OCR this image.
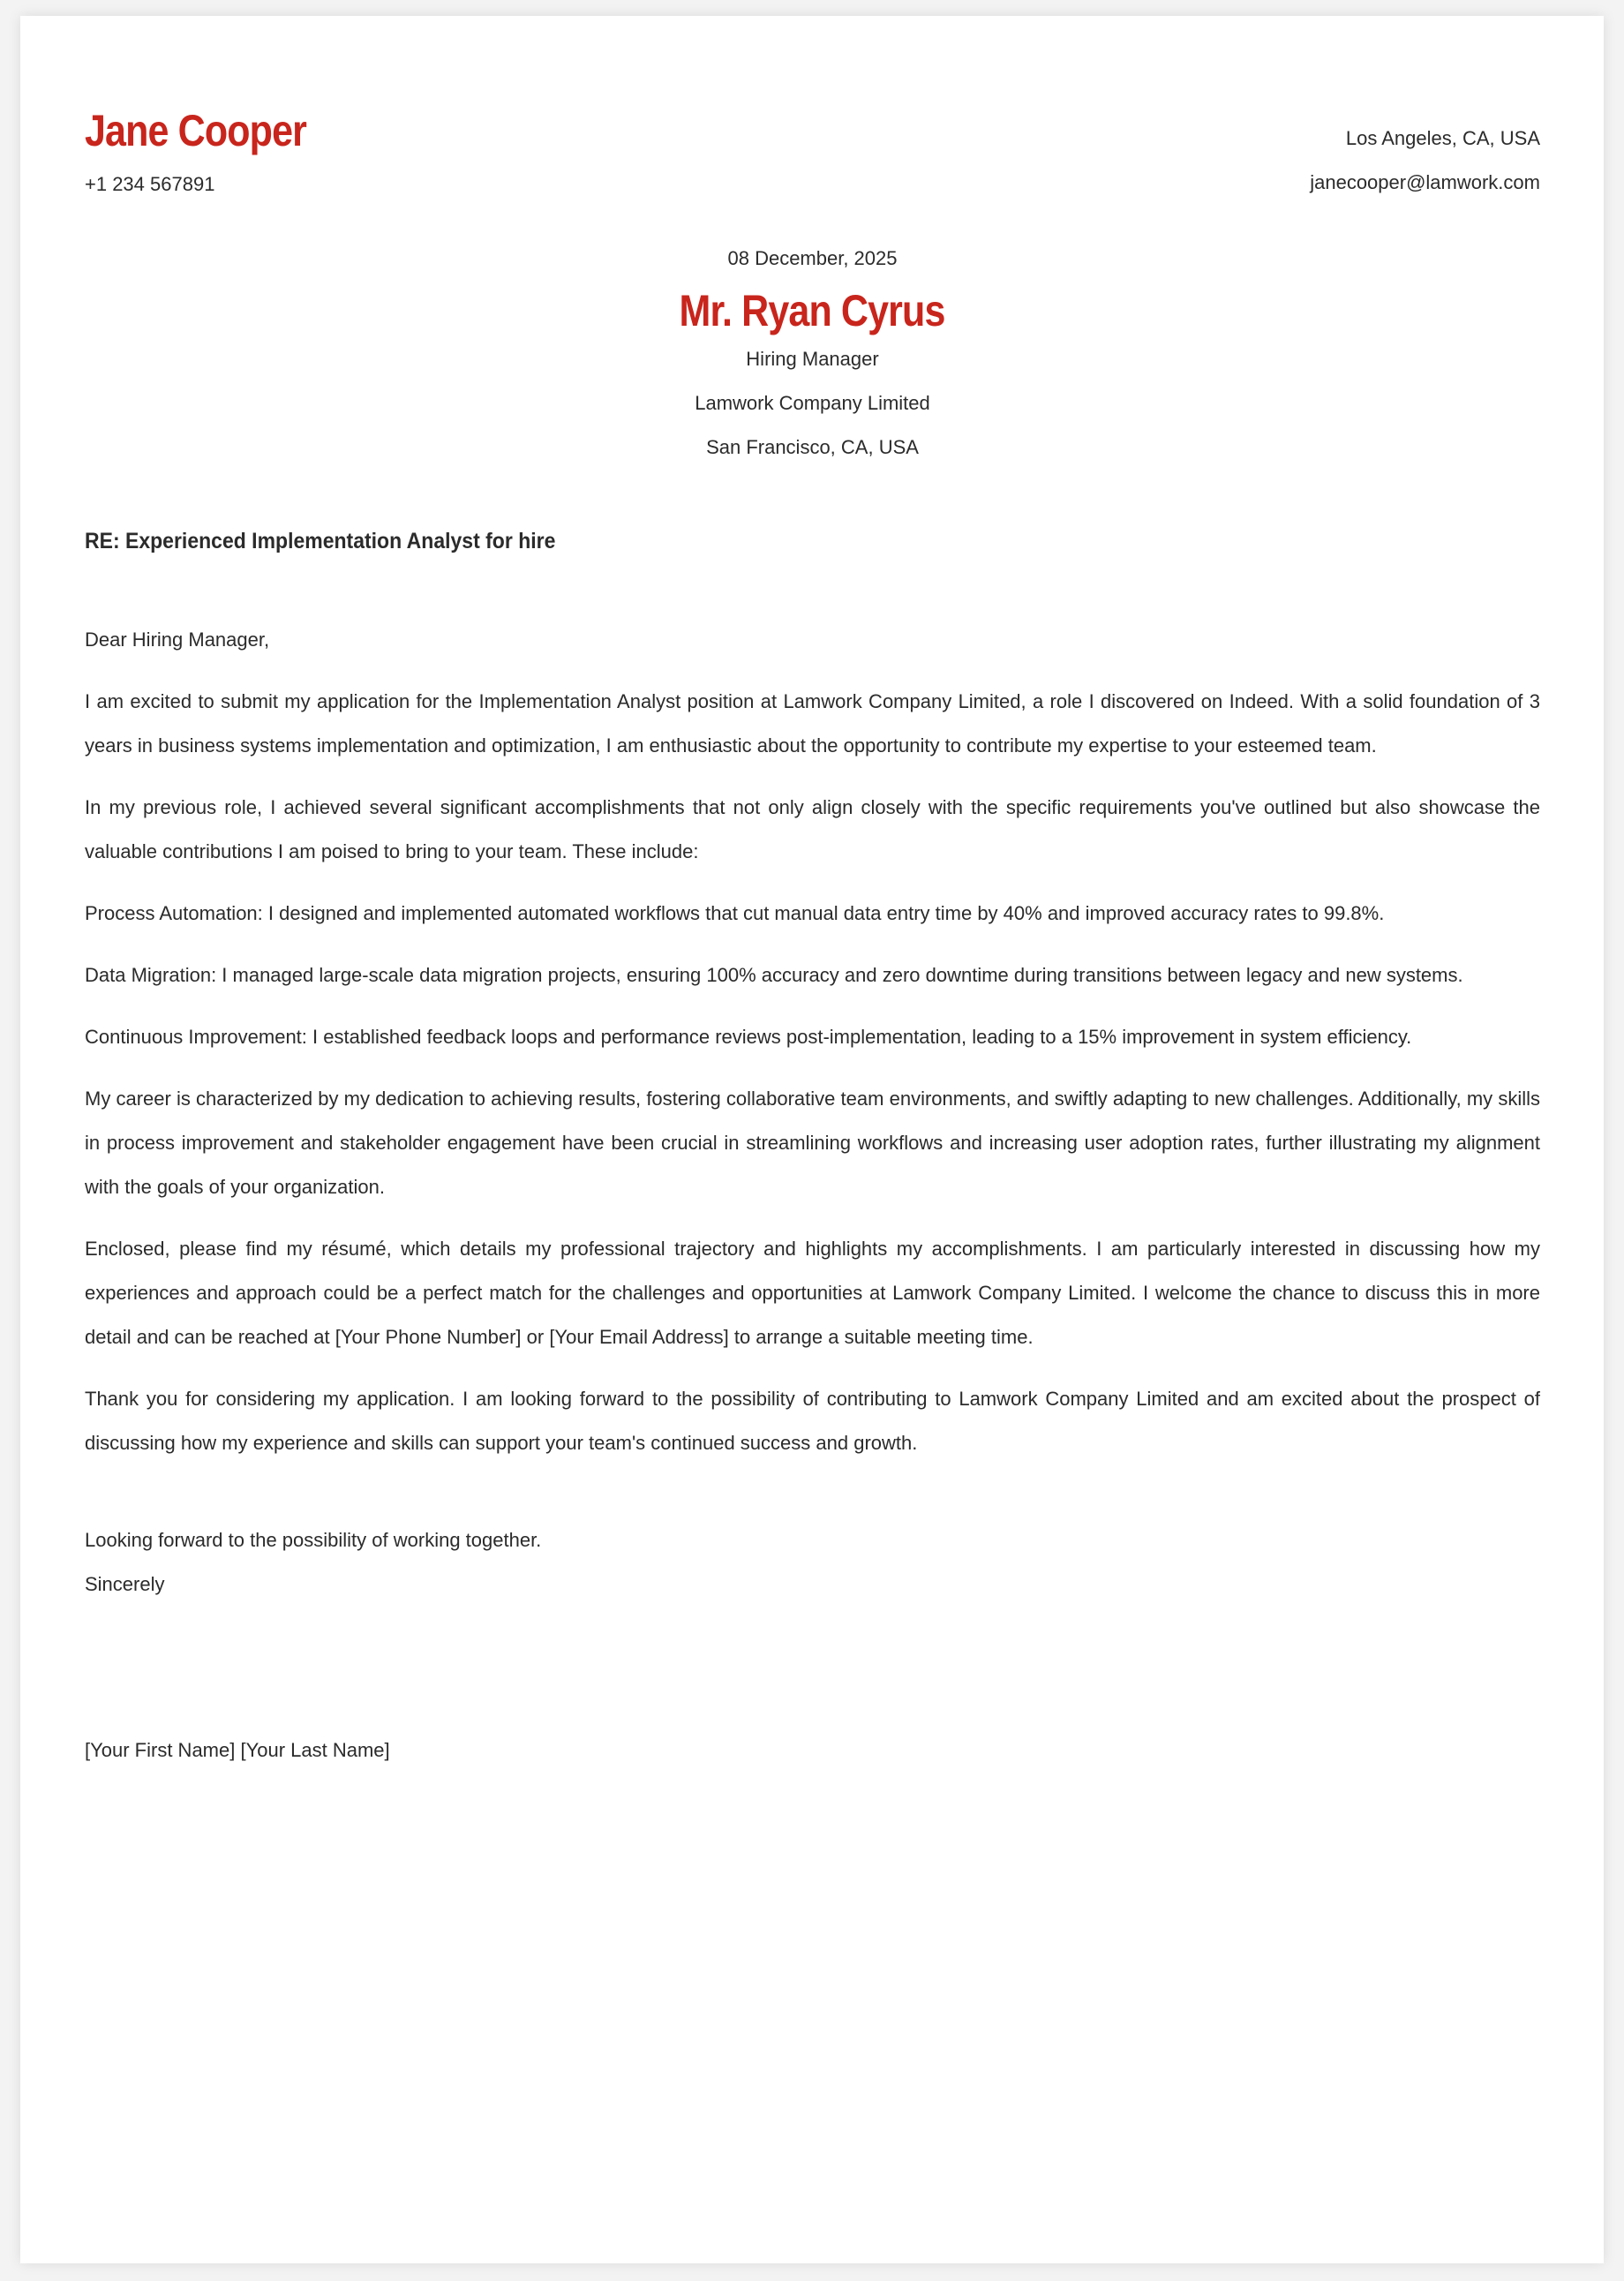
Jane Cooper
+1 234 567891
Los Angeles, CA, USA
janecooper@lamwork.com
08 December, 2025
Mr. Ryan Cyrus
Hiring Manager
Lamwork Company Limited
San Francisco, CA, USA
RE: Experienced Implementation Analyst for hire

Dear Hiring Manager,

I am excited to submit my application for the Implementation Analyst position at Lamwork Company Limited, a role I discovered on Indeed. With a solid foundation of 3 years in business systems implementation and optimization, I am enthusiastic about the opportunity to contribute my expertise to your esteemed team.

In my previous role, I achieved several significant accomplishments that not only align closely with the specific requirements you've outlined but also showcase the valuable contributions I am poised to bring to your team. These include:

Process Automation: I designed and implemented automated workflows that cut manual data entry time by 40% and improved accuracy rates to 99.8%.

Data Migration: I managed large-scale data migration projects, ensuring 100% accuracy and zero downtime during transitions between legacy and new systems.

Continuous Improvement: I established feedback loops and performance reviews post-implementation, leading to a 15% improvement in system efficiency.

My career is characterized by my dedication to achieving results, fostering collaborative team environments, and swiftly adapting to new challenges. Additionally, my skills in process improvement and stakeholder engagement have been crucial in streamlining workflows and increasing user adoption rates, further illustrating my alignment with the goals of your organization.

Enclosed, please find my résumé, which details my professional trajectory and highlights my accomplishments. I am particularly interested in discussing how my experiences and approach could be a perfect match for the challenges and opportunities at Lamwork Company Limited. I welcome the chance to discuss this in more detail and can be reached at [Your Phone Number] or [Your Email Address] to arrange a suitable meeting time.

Thank you for considering my application. I am looking forward to the possibility of contributing to Lamwork Company Limited and am excited about the prospect of discussing how my experience and skills can support your team's continued success and growth.

Looking forward to the possibility of working together.
Sincerely
[Your First Name] [Your Last Name]
